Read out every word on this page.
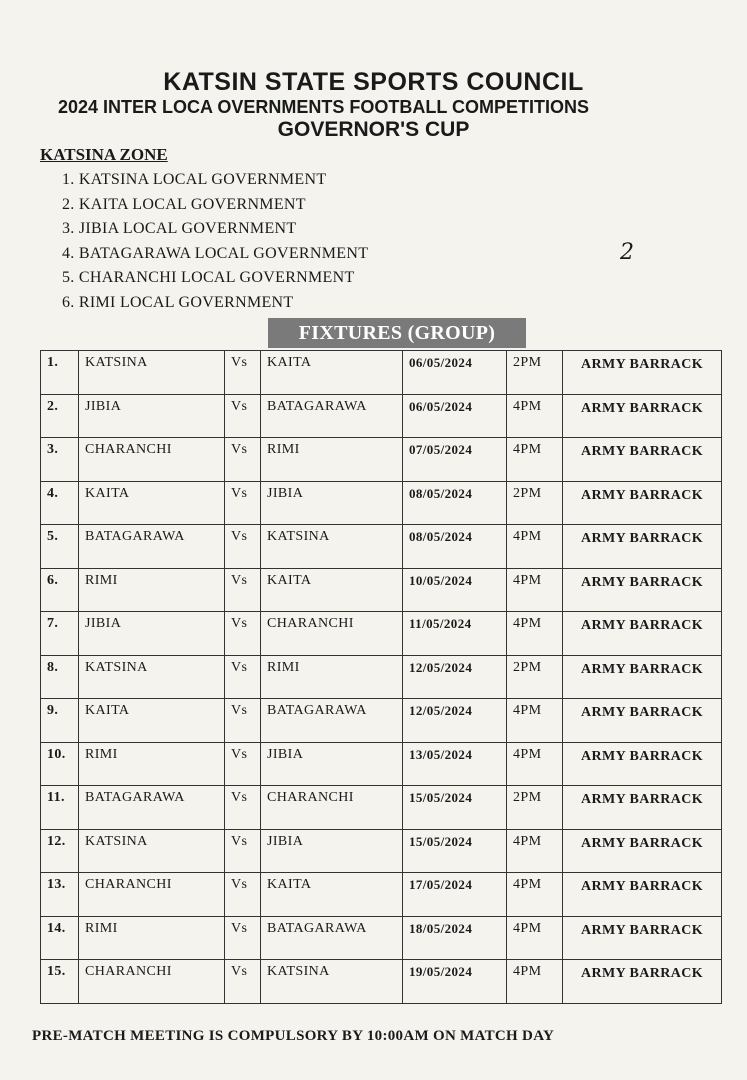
KATSIN STATE SPORTS COUNCIL
2024 INTER LOCA OVERNMENTS FOOTBALL COMPETITIONS
GOVERNOR'S CUP
KATSINA ZONE
1. KATSINA LOCAL GOVERNMENT
2. KAITA LOCAL GOVERNMENT
3. JIBIA LOCAL GOVERNMENT
4. BATAGARAWA LOCAL GOVERNMENT
5. CHARANCHI LOCAL GOVERNMENT
6. RIMI LOCAL GOVERNMENT
2
FIXTURES (GROUP)
1.	KATSINA	Vs	KAITA	06/05/2024	2PM	ARMY BARRACK
2.	JIBIA	Vs	BATAGARAWA	06/05/2024	4PM	ARMY BARRACK
3.	CHARANCHI	Vs	RIMI	07/05/2024	4PM	ARMY BARRACK
4.	KAITA	Vs	JIBIA	08/05/2024	2PM	ARMY BARRACK
5.	BATAGARAWA	Vs	KATSINA	08/05/2024	4PM	ARMY BARRACK
6.	RIMI	Vs	KAITA	10/05/2024	4PM	ARMY BARRACK
7.	JIBIA	Vs	CHARANCHI	11/05/2024	4PM	ARMY BARRACK
8.	KATSINA	Vs	RIMI	12/05/2024	2PM	ARMY BARRACK
9.	KAITA	Vs	BATAGARAWA	12/05/2024	4PM	ARMY BARRACK
10.	RIMI	Vs	JIBIA	13/05/2024	4PM	ARMY BARRACK
11.	BATAGARAWA	Vs	CHARANCHI	15/05/2024	2PM	ARMY BARRACK
12.	KATSINA	Vs	JIBIA	15/05/2024	4PM	ARMY BARRACK
13.	CHARANCHI	Vs	KAITA	17/05/2024	4PM	ARMY BARRACK
14.	RIMI	Vs	BATAGARAWA	18/05/2024	4PM	ARMY BARRACK
15.	CHARANCHI	Vs	KATSINA	19/05/2024	4PM	ARMY BARRACK
PRE-MATCH MEETING IS COMPULSORY BY 10:00AM ON MATCH DAY
